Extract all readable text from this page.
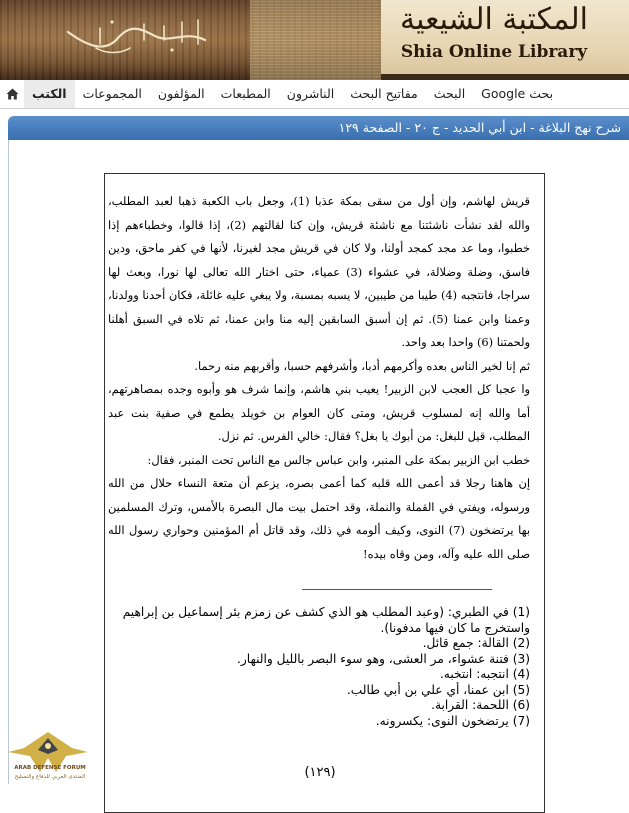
المكتبة الشيعية
Shia Online Library
الكتب	المجموعات	المؤلفون	المطبعات	الناشرون	مفاتيح البحث	البحث	بحث Google
شرح نهج البلاغة - ابن أبي الحديد - ج ٢٠ - الصفحة ١٢٩

قريش لهاشم، وإن أول من سقى بمكة عذبا (1)، وجعل باب الكعبة ذهبا لعبد المطلب، والله لقد نشأت ناشئتنا مع ناشئة قريش، وإن كنا لقالتهم (2)، إذا قالوا، وخطباءهم إذا خطبوا، وما عد مجد كمجد أولنا، ولا كان في قريش مجد لغيرنا، لأنها في كفر ماحق، ودين فاسق، وضلة وضلالة، في عشواء (3) عمياء، حتى اختار الله تعالى لها نورا، وبعث لها سراجا، فانتجبه (4) طيبا من طيبين، لا يسبه بمسبة، ولا يبغي عليه غائلة، فكان أحدنا وولدنا، وعمنا وابن عمنا (5). ثم إن أسبق السابقين إليه منا وابن عمنا، ثم تلاه في السبق أهلنا ولحمتنا (6) واحدا بعد واحد.

ثم إنا لخير الناس بعده وأكرمهم أدبا، وأشرفهم حسبا، وأقربهم منه رحما.

وا عجبا كل العجب لابن الزبير! يعيب بني هاشم، وإنما شرف هو وأبوه وجده بمصاهرتهم، أما والله إنه لمسلوب قريش، ومتى كان العوام بن خويلد يطمع في صفية بنت عبد المطلب، قيل للبغل: من أبوك يا بغل؟ فقال: خالي الفرس. ثم نزل.

خطب ابن الزبير بمكة على المنبر، وابن عباس جالس مع الناس تحت المنبر، فقال:

إن هاهنا رجلا قد أعمى الله قلبه كما أعمى بصره، يزعم أن متعة النساء حلال من الله ورسوله، ويفتي في القملة والنملة، وقد احتمل بيت مال البصرة بالأمس، وترك المسلمين بها يرتضخون (7) النوى، وكيف ألومه في ذلك، وقد قاتل أم المؤمنين وحواري رسول الله صلى الله عليه وآله، ومن وقاه بيده!

(1) في الطبري: (وعبد المطلب هو الذي كشف عن زمزم بئر إسماعيل بن إبراهيم واستخرج ما كان فيها مدفونا).

(2) القالة: جمع قائل.

(3) فتنة عشواء، مر العشى، وهو سوء البصر بالليل والنهار.

(4) انتجبه: انتخبه.

(5) ابن عمنا، أي علي بن أبي طالب.

(6) اللحمة: القرابة.

(7) يرتضخون النوى: يكسرونه.

(١٢٩)
ARAB DEFENSE FORUM
المنتدى العربي للدفاع والتسليح
